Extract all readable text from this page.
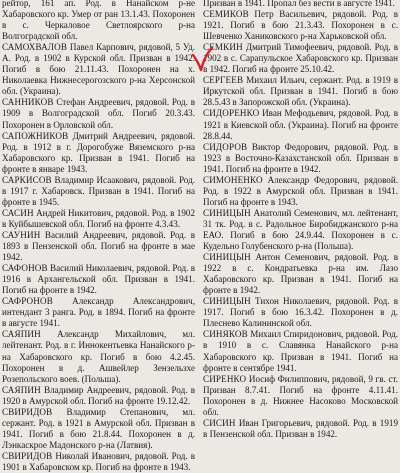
рейтор, 161 ап. Род. в Нанайском р-не Хабаровского кр. Умер от ран 13.1.43. Похоронен в с. Черкаловое Светлоярского р-на Волгоградской обл.

САМОХВАЛОВ Павел Карпович, рядовой, 5 Уд. А. Род. в 1902 в Курской обл. Призван в 1942. Погиб в бою 21.11.43. Похоронен на х. Николаевка Нижнесерогозского р-на Херсонской обл. (Украина).

САННИКОВ Стефан Андреевич, рядовой. Род. в 1909 в Волгоградской обл. Погиб 20.3.43. Похоронен в Орловской обл.

САПОЖНИКОВ Дмитрий Андреевич, рядовой. Род. в 1912 в г. Дорогобуже Вяземского р-на Хабаровского кр. Призван в 1941. Погиб на фронте в январе 1943.

САРКИСОВ Владимир Исаакович, рядовой. Род. в 1917 г. Хабаровск. Призван в 1941. Погиб на фронте в 1945.

САСИН Андрей Никитович, рядовой. Род. в 1902 в Куйбышевской обл. Погиб на фронте 4.3.43.

САУНИН Василий Андреевич, рядовой. Род. в 1893 в Пензенской обл. Погиб на фронте в мае 1942.

САФОНОВ Василий Николаевич, рядовой. Род. в 1916 в Архангельской обл. Призван в 1941. Погиб на фронте в 1942.

САФРОНОВ Александр Александрович, интендант 3 ранга. Род. в 1894. Погиб на фронте в августе 1941.

САЯПИН Александр Михайлович, мл. лейтенант. Род. в г. Иннокентьевка Нанайского р-на Хабаровского кр. Погиб в бою 4.2.45. Похоронен в д. Ашвейлер Зензельзхе Розепольского воев. (Польша).

САЯПИН Владимир Андреевич, рядовой. Род. в 1920 в Амурской обл. Погиб на фронте 19.12.42.

СВИРИДОВ Владимир Степанович, мл. сержант. Род. в 1921 в Амурской обл. Призван в 1941. Погиб в бою 21.8.44. Похоронен в д. Лэнкаскрое Мадонского р-на (Латвия).

СВИРИДОВ Николай Иванович, рядовой. Род. в 1901 в Хабаровском кр. Погиб на фронте в 1943.

Призван в 1941. Пропал без вести в августе 1941.

СЕМИКОВ Петр Васильевич, рядовой. Род. в 1921. Погиб в бою 21.3.43. Похоронен в с. Шевченко Ханиковского р-на Харьковской обл.

СЕМКИН Дмитрий Тимофеевич, рядовой. Род. в 1902 в с. Сарапульское Хабаровского кр. Призван в 1942. Погиб на фронте 25.10.42.

СЕРГЕЕВ Михаил Ильич, сержант. Род. в 1919 в Иркутской обл. Призван в 1941. Погиб в бою 28.5.43 в Запорожской обл. (Украина).

СИДОРЕНКО Иван Мефодьевич, рядовой. Род. в 1921 в Киевской обл. (Украина). Погиб на фронте 28.8.44.

СИДОРОВ Виктор Федорович, рядовой. Род. в 1923 в Восточно-Казахстанской обл. Призван в 1941. Погиб на фронте в 1942.

СИМОНЕНКО Александр Федорович, рядовой. Род. в 1922 в Амурской обл. Призван в 1941. Погиб на фронте в 1943.

СИНИЦЫН Анатолий Семенович, мл. лейтенант, 31 тк. Род. в с. Радольное Биробиджанского р-на ЕАО. Погиб в бою 24.9.44. Похоронен в с. Кудельно Голубенского р-на (Польша).

СИНИЦЫН Антон Семенович, рядовой. Род. в 1922 в с. Кондратьевка р-на им. Лазо Хабаровского кр. Призван в 1941. Погиб на фронте в 1942.

СИНИЦЫН Тихон Николаевич, рядовой. Род. в 1917. Погиб в бою 16.3.42. Похоронен в д. Плеснево Калининской обл.

СИНЯКОВ Михаил Спиридонович, рядовой. Род. в 1910 в с. Славянка Нанайского р-на Хабаровского кр. Призван в 1941. Погиб на фронте в сентябре 1941.

СИРЕНКО Иосиф Филиппович, рядовой, 9 гв. ст. Призван 8.7.41. Погиб на фронте 4.11.41. Похоронен в д. Нижнее Насоково Московской обл.

СИСИН Иван Григорьевич, рядовой. Род. в 1919 в Пензенской обл. Призван в 1942.
